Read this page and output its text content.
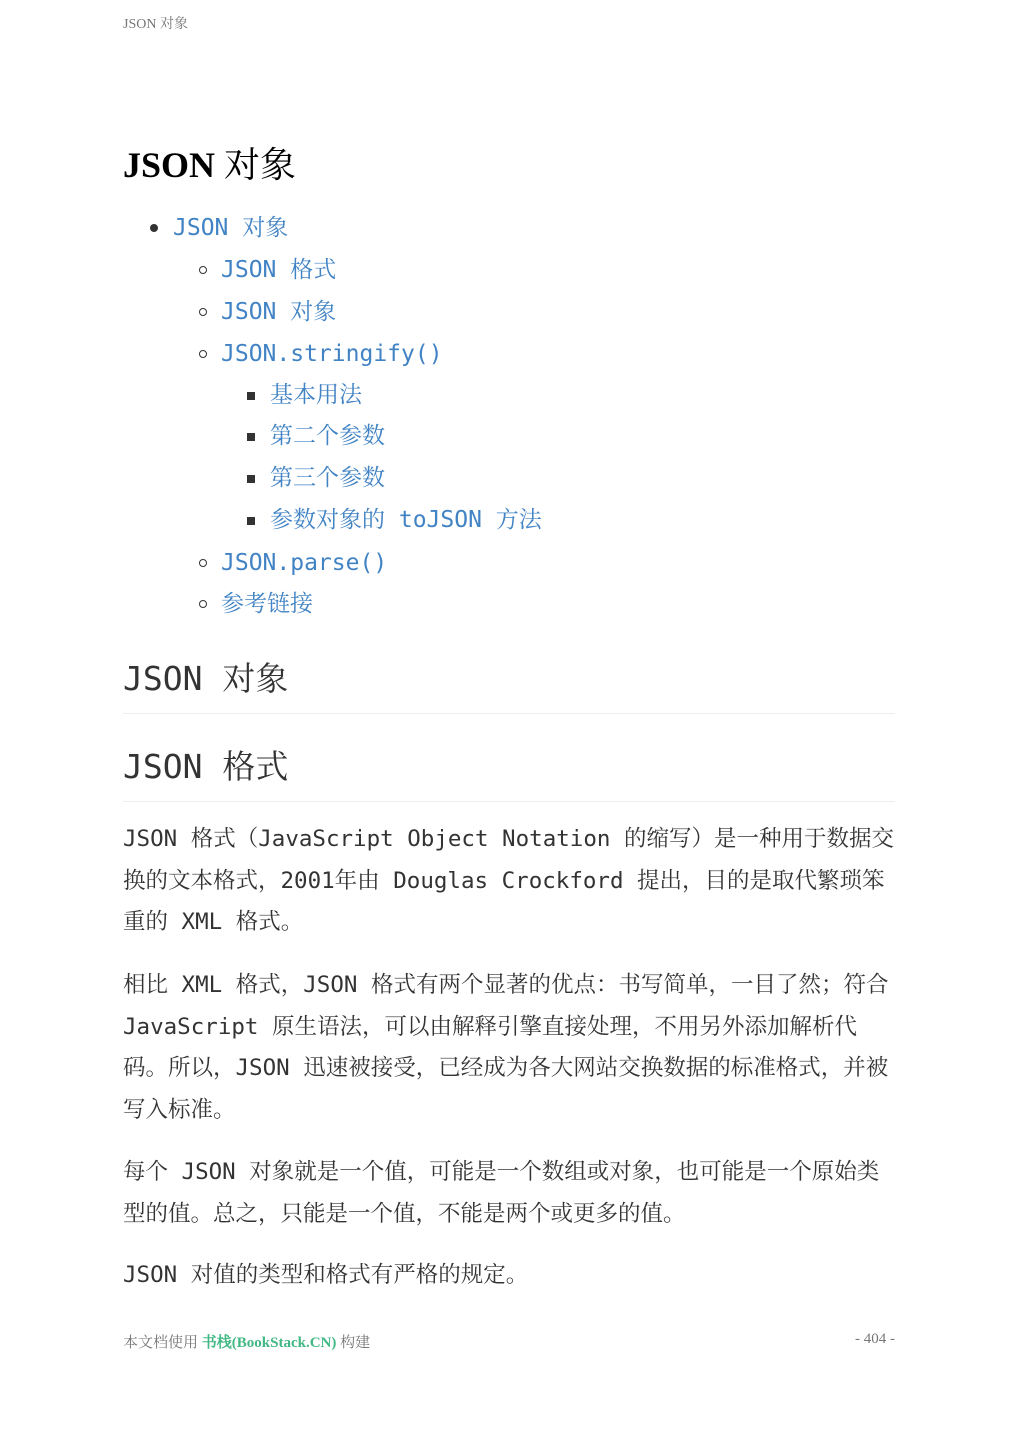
JSON 对象
JSON 对象
JSON 对象
JSON 格式
JSON 对象
JSON.stringify()
基本用法
第二个参数
第三个参数
参数对象的 toJSON 方法
JSON.parse()
参考链接
JSON 对象
JSON 格式

JSON 格式（JavaScript Object Notation 的缩写）是一种用于数据交换的文本格式，2001年由 Douglas Crockford 提出，目的是取代繁琐笨重的 XML 格式。

相比 XML 格式，JSON 格式有两个显著的优点：书写简单，一目了然；符合 JavaScript 原生语法，可以由解释引擎直接处理，不用另外添加解析代码。所以，JSON 迅速被接受，已经成为各大网站交换数据的标准格式，并被写入标准。

每个 JSON 对象就是一个值，可能是一个数组或对象，也可能是一个原始类型的值。总之，只能是一个值，不能是两个或更多的值。

JSON 对值的类型和格式有严格的规定。

本文档使用 书栈(BookStack.CN) 构建	- 404 -
